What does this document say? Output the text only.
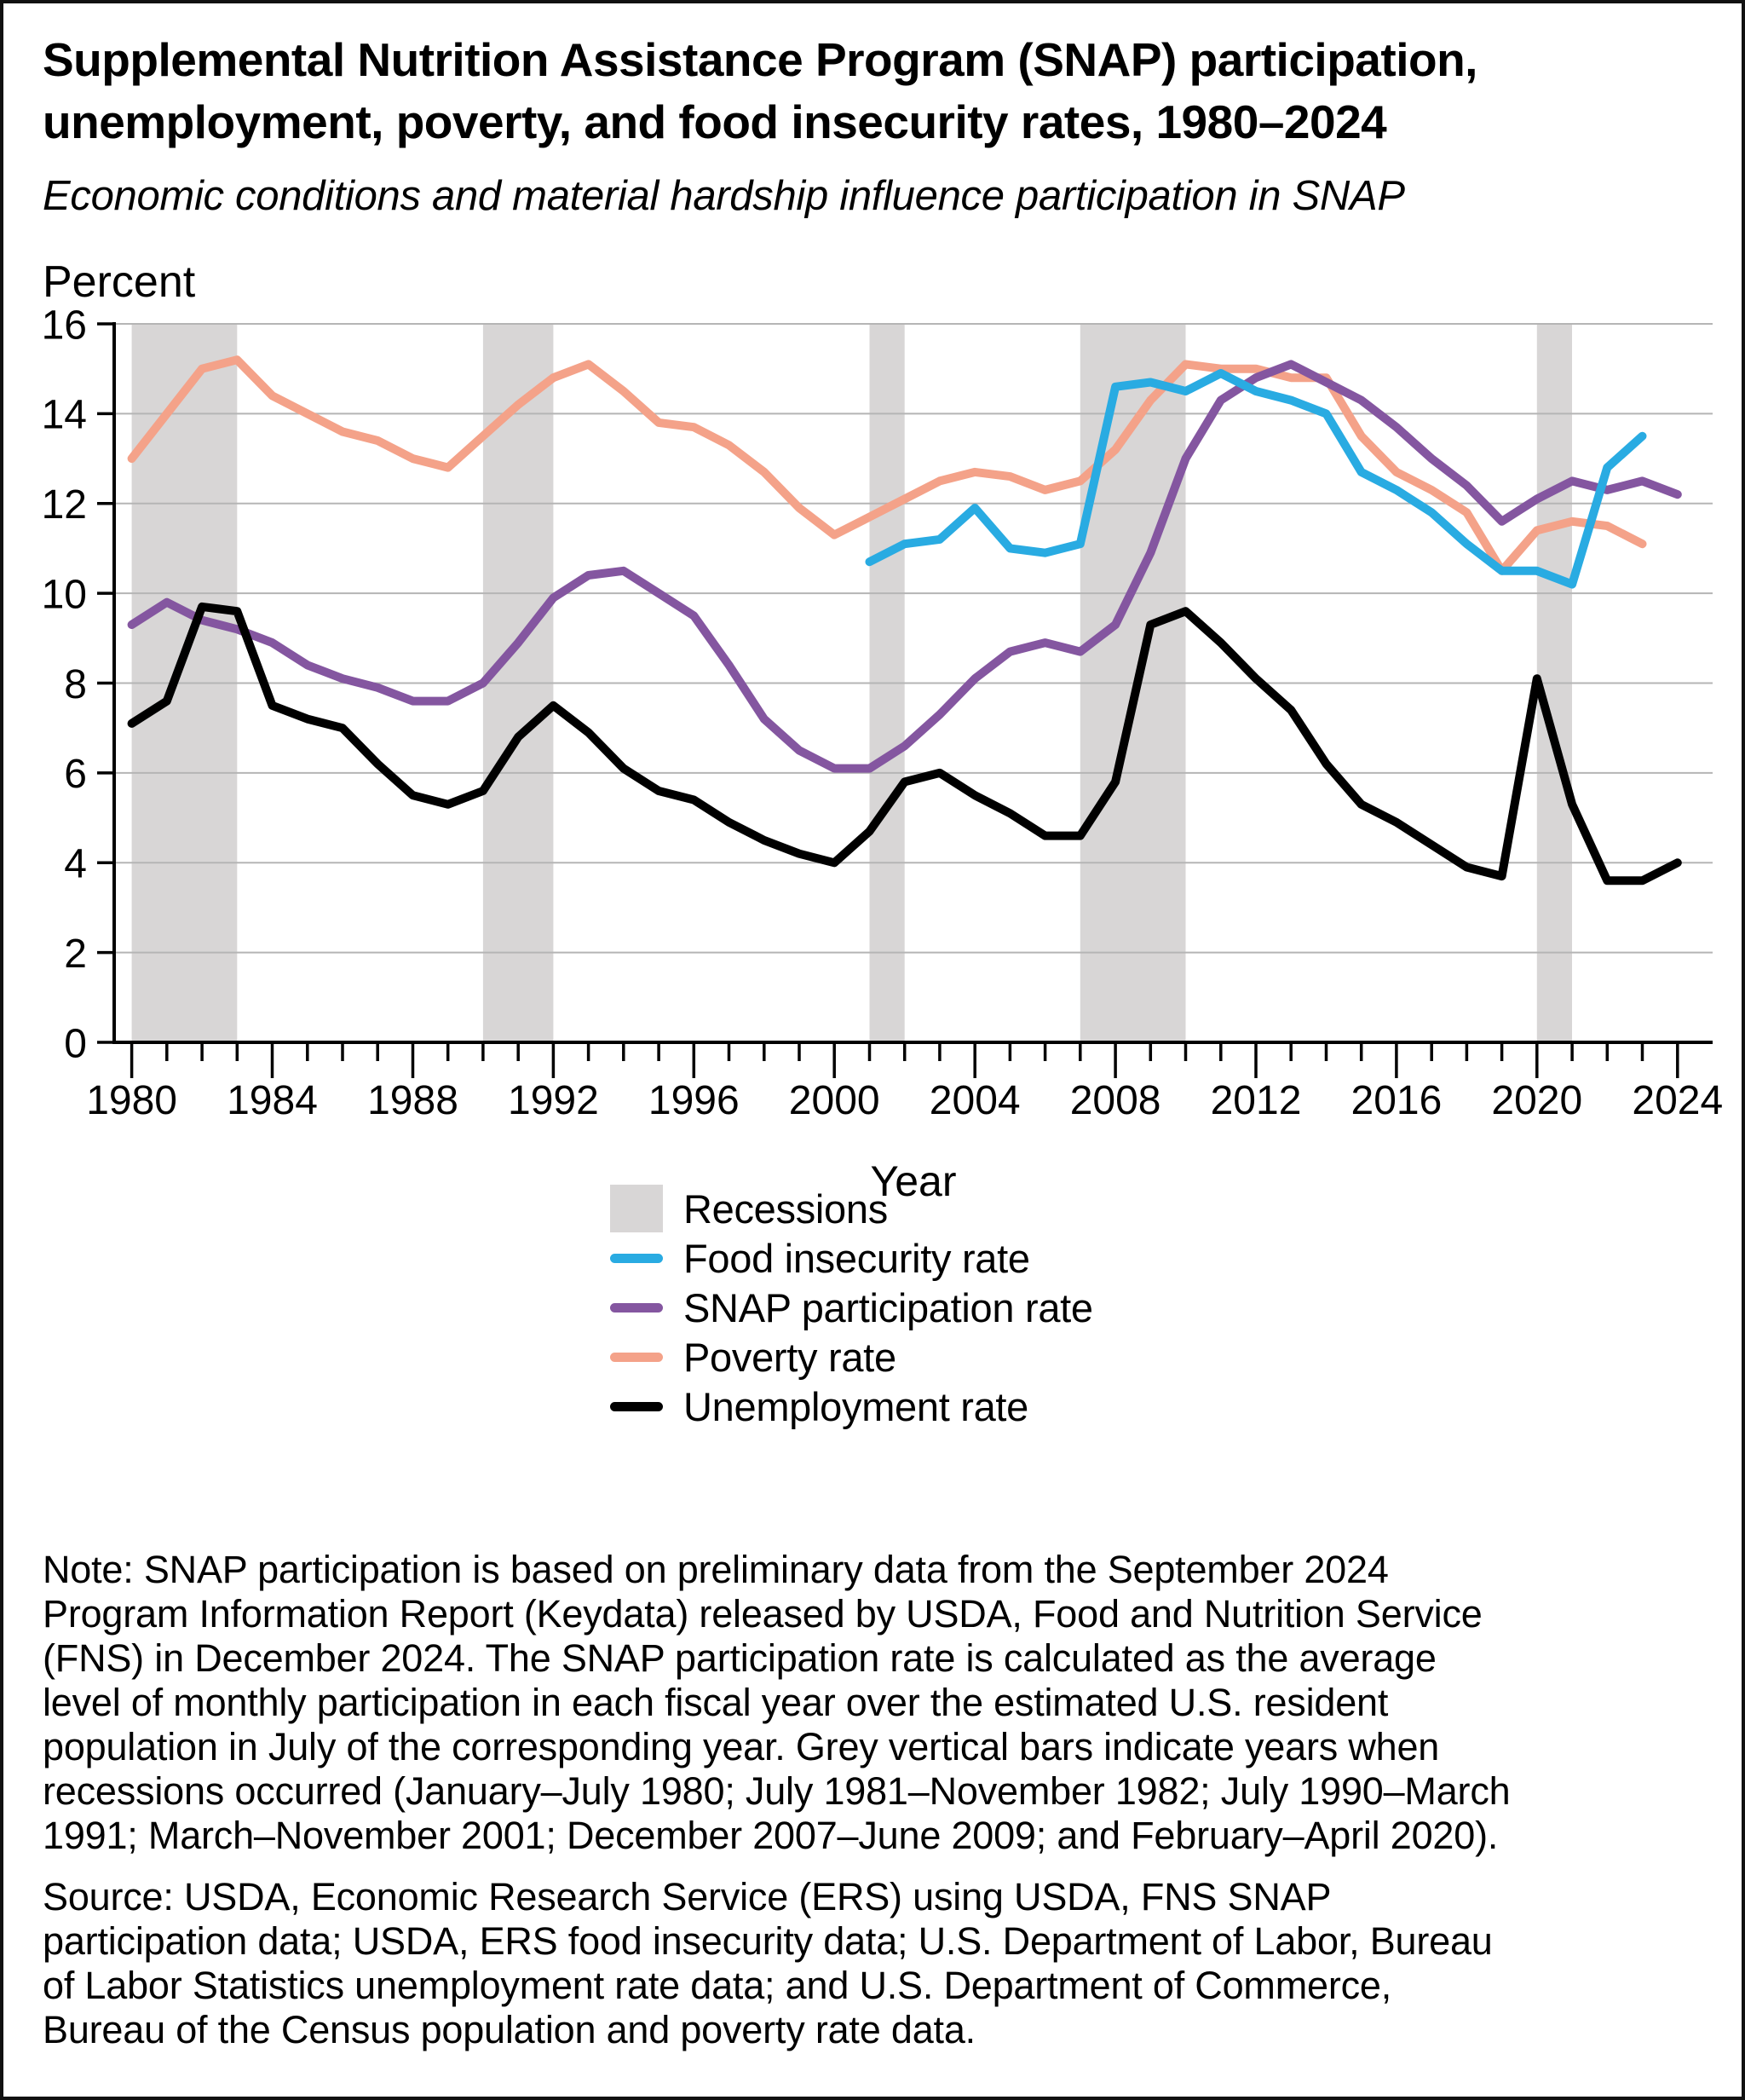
Supplemental Nutrition Assistance Program (SNAP) participation,
unemployment, poverty, and food insecurity rates, 1980–2024
Economic conditions and material hardship influence participation in SNAP
0
2
4
6
8
10
12
14
16
1980 1984 1988 1992 1996 2000 2004 2008 2012 2016 2020 2024
Percent
Year
Recessions
Food insecurity rate
SNAP participation rate
Poverty rate
Unemployment rate
Note: SNAP participation is based on preliminary data from the September 2024
Program Information Report (Keydata) released by USDA, Food and Nutrition Service
(FNS) in December 2024. The SNAP participation rate is calculated as the average
level of monthly participation in each fiscal year over the estimated U.S. resident
population in July of the corresponding year. Grey vertical bars indicate years when
recessions occurred (January–July 1980; July 1981–November 1982; July 1990–March
1991; March–November 2001; December 2007–June 2009; and February–April 2020).
Source: USDA, Economic Research Service (ERS) using USDA, FNS SNAP
participation data; USDA, ERS food insecurity data; U.S. Department of Labor, Bureau
of Labor Statistics unemployment rate data; and U.S. Department of Commerce,
Bureau of the Census population and poverty rate data.
